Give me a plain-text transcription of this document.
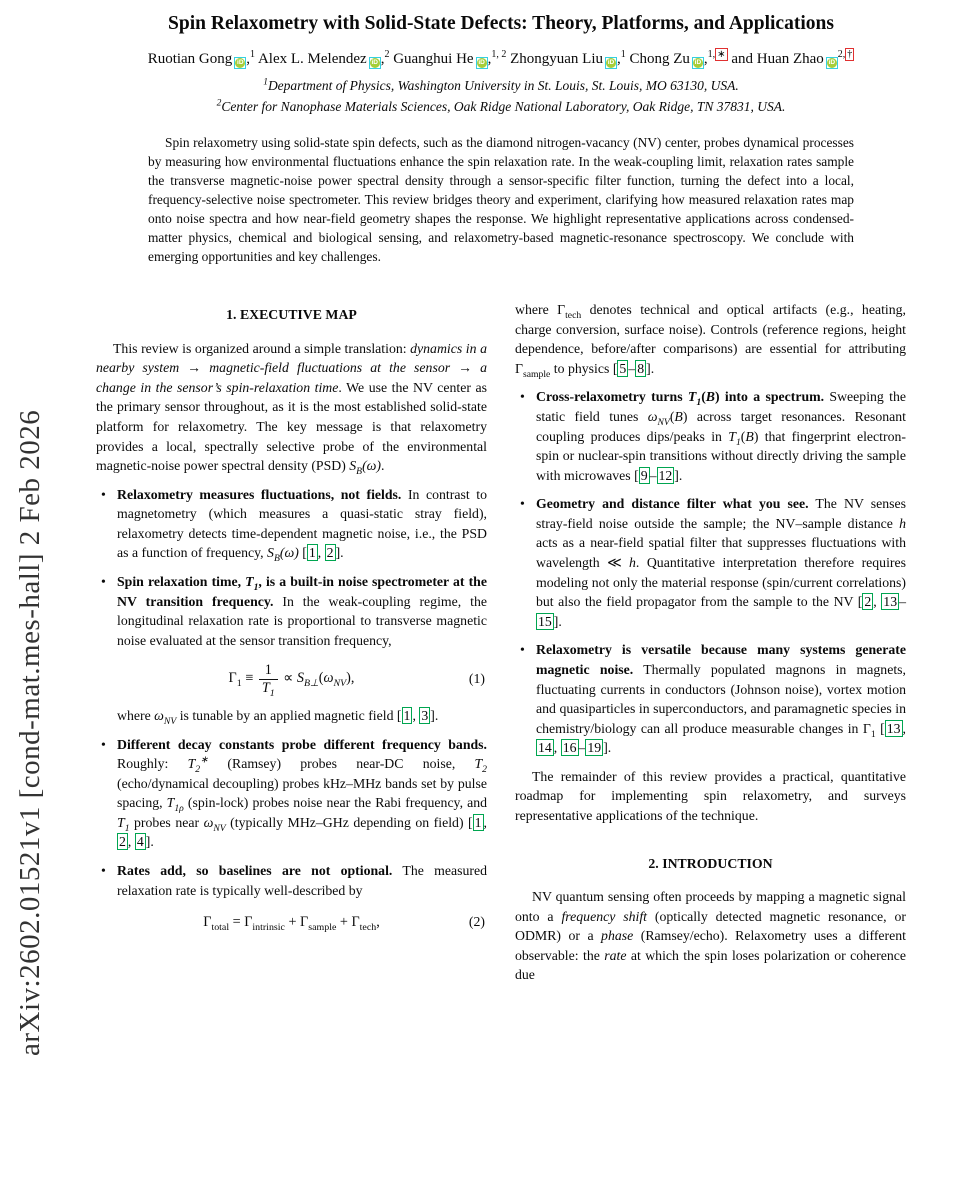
arXiv:2602.01521v1 [cond-mat.mes-hall] 2 Feb 2026
Spin Relaxometry with Solid-State Defects: Theory, Platforms, and Applications
Ruotian Gong iD ,$^1$ Alex L. Melendez iD ,$^2$ Guanghui He iD ,$^{1, 2}$ Zhongyuan Liu iD ,$^1$ Chong Zu iD ,$^{1,}$ ∗ and Huan Zhao $iD^{2,}$ †
$^1$Department of Physics, Washington University in St. Louis, St. Louis, MO 63130, USA.
$^2$Center for Nanophase Materials Sciences, Oak Ridge National Laboratory, Oak Ridge, TN 37831, USA.
Spin relaxometry using solid-state spin defects, such as the diamond nitrogen-vacancy (NV) center, probes dynamical processes by measuring how environmental fluctuations enhance the spin relaxation rate. In the weak-coupling limit, relaxation rates sample the transverse magnetic-noise power spectral density through a sensor-specific filter function, turning the defect into a local, frequency-selective noise spectrometer. This review bridges theory and experiment, clarifying how measured relaxation rates map onto noise spectra and how near-field geometry shapes the response. We highlight representative applications across condensed-matter physics, chemical and biological sensing, and relaxometry-based magnetic-resonance spectroscopy. We conclude with emerging opportunities and key challenges.
1. EXECUTIVE MAP

This review is organized around a simple translation: dynamics in a nearby system → magnetic-field fluctuations at the sensor → a change in the sensor’s spin-relaxation time. We use the NV center as the primary sensor throughout, as it is the most established solid-state platform for relaxometry. The key message is that relaxometry provides a local, spectrally selective probe of the environmental magnetic-noise power spectral density (PSD) $S_B(\omega)$.

• Relaxometry measures fluctuations, not fields. In contrast to magnetometry (which measures a quasi-static stray field), relaxometry detects time-dependent magnetic noise, i.e., the PSD as a function of frequency, $S_B(\omega)$ [ 1 , 2 ].
• Spin relaxation time, $T_1$, is a built-in noise spectrometer at the NV transition frequency. In the weak-coupling regime, the longitudinal relaxation rate is proportional to transverse magnetic noise evaluated at the sensor transition frequency,
$\Gamma_1 \equiv \frac{1}{T_1} \propto S_{B\perp}(\omega_{NV})$,	(1)

where $\omega_{NV}$ is tunable by an applied magnetic field [ 1 , 3 ].

• Different decay constants probe different frequency bands. Roughly: $T_2^∗$ (Ramsey) probes near-DC noise, $T_2$ (echo/dynamical decoupling) probes kHz–MHz bands set by pulse spacing, $T_{1\rho}$ (spin-lock) probes noise near the Rabi frequency, and $T_1$ probes near $\omega_{NV}$ (typically MHz–GHz depending on field) [ 1 , 2 , 4 ].
• Rates add, so baselines are not optional. The measured relaxation rate is typically well-described by
$\Gamma_{total} = \Gamma_{intrinsic} + \Gamma_{sample} + \Gamma_{tech}$,	(2)

where $\Gamma_{tech}$ denotes technical and optical artifacts (e.g., heating, charge conversion, surface noise). Controls (reference regions, height dependence, before/after comparisons) are essential for attributing $\Gamma_{sample}$ to physics [ 5 – 8 ].

• Cross-relaxometry turns $T_1(B)$ into a spectrum. Sweeping the static field tunes $\omega_{NV}(B)$ across target resonances. Resonant coupling produces dips/peaks in $T_1(B)$ that fingerprint electron-spin or nuclear-spin transitions without directly driving the sample with microwaves [ 9 – 12 ].
• Geometry and distance filter what you see. The NV senses stray-field noise outside the sample; the NV–sample distance h acts as a near-field spatial filter that suppresses fluctuations with wavelength ≪ h. Quantitative interpretation therefore requires modeling not only the material response (spin/current correlations) but also the field propagator from the sample to the NV [ 2 , 13 –15 ].
• Relaxometry is versatile because many systems generate magnetic noise. Thermally populated magnons in magnets, fluctuating currents in conductors (Johnson noise), vortex motion and quasiparticles in superconductors, and paramagnetic species in chemistry/biology can all produce measurable changes in $\Gamma_1$ [ 13 , 14 , 16 – 19 ].

The remainder of this review provides a practical, quantitative roadmap for implementing spin relaxometry, and surveys representative applications of the technique.

2. INTRODUCTION

NV quantum sensing often proceeds by mapping a magnetic signal onto a frequency shift (optically detected magnetic resonance, or ODMR) or a phase (Ramsey/echo). Relaxometry uses a different observable: the rate at which the spin loses polarization or coherence due
